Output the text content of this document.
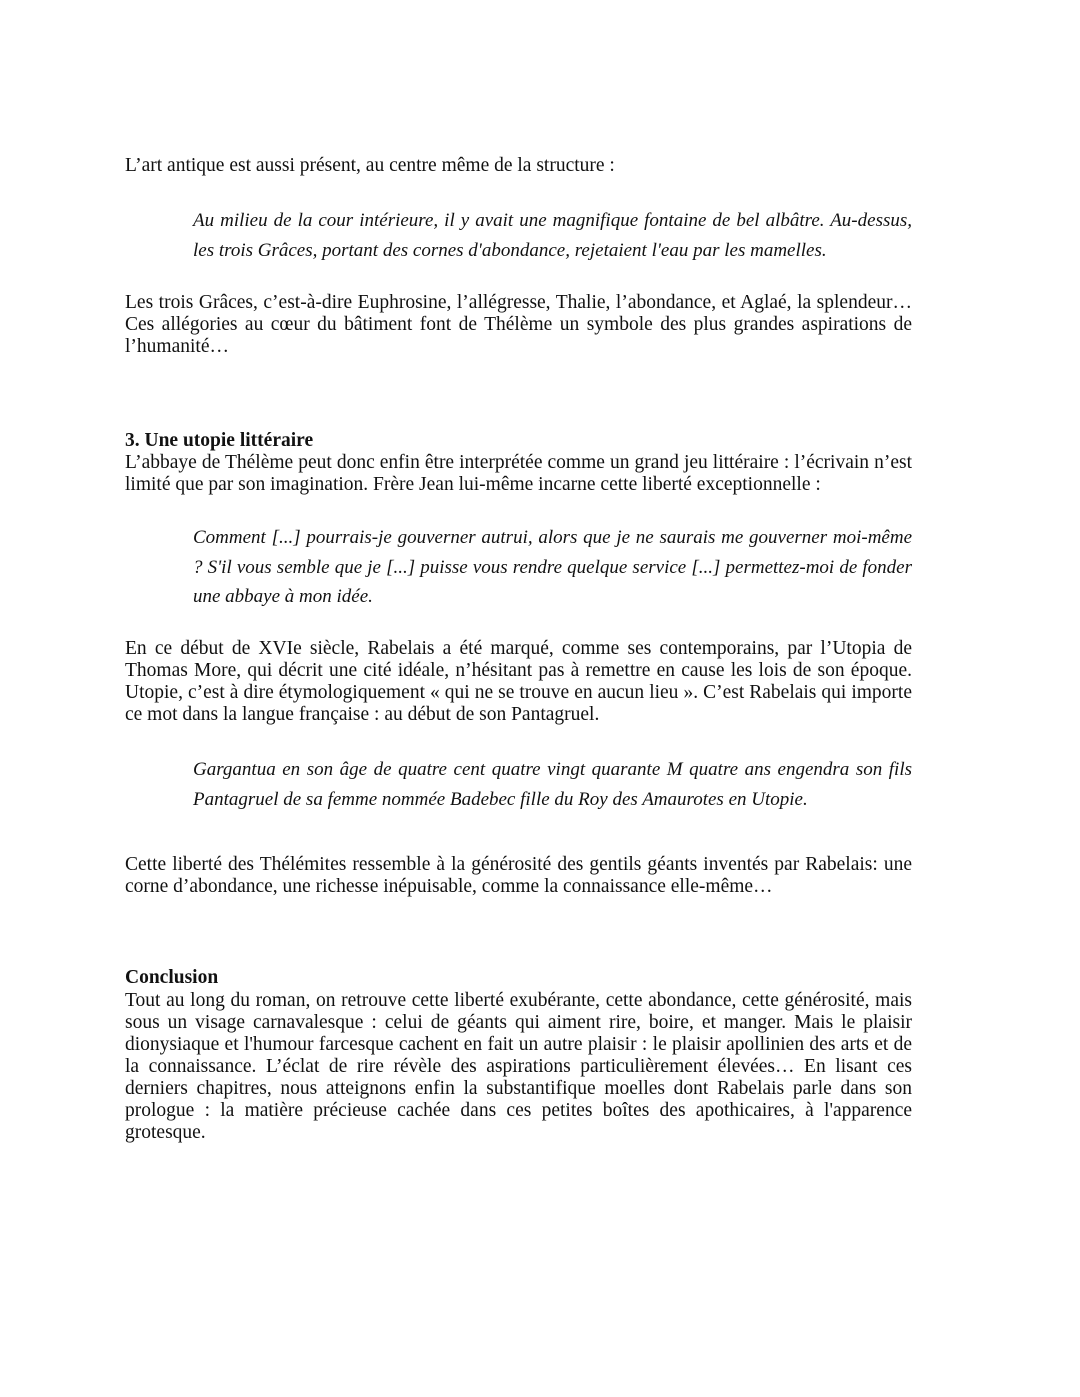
L’art antique est aussi présent, au centre même de la structure :

Au milieu de la cour intérieure, il y avait une magnifique fontaine de bel albâtre. Au-dessus, les trois Grâces, portant des cornes d'abondance, rejetaient l'eau par les mamelles.

Les trois Grâces, c’est-à-dire Euphrosine, l’allégresse, Thalie, l’abondance, et Aglaé, la splendeur… Ces allégories au cœur du bâtiment font de Thélème un symbole des plus grandes aspirations de l’humanité…

3. Une utopie littéraire

L’abbaye de Thélème peut donc enfin être interprétée comme un grand jeu littéraire : l’écrivain n’est limité que par son imagination. Frère Jean lui-même incarne cette liberté exceptionnelle :

Comment [...] pourrais-je gouverner autrui, alors que je ne saurais me gouverner moi-même ? S'il vous semble que je [...] puisse vous rendre quelque service [...] permettez-moi de fonder une abbaye à mon idée.

En ce début de XVIe siècle, Rabelais a été marqué, comme ses contemporains, par l’Utopia de Thomas More, qui décrit une cité idéale, n’hésitant pas à remettre en cause les lois de son époque. Utopie, c’est à dire étymologiquement « qui ne se trouve en aucun lieu ». C’est Rabelais qui importe ce mot dans la langue française : au début de son Pantagruel.

Gargantua en son âge de quatre cent quatre vingt quarante M quatre ans engendra son fils Pantagruel de sa femme nommée Badebec fille du Roy des Amaurotes en Utopie.

Cette liberté des Thélémites ressemble à la générosité des gentils géants inventés par Rabelais: une corne d’abondance, une richesse inépuisable, comme la connaissance elle-même…

Conclusion

Tout au long du roman, on retrouve cette liberté exubérante, cette abondance, cette générosité, mais sous un visage carnavalesque : celui de géants qui aiment rire, boire, et manger. Mais le plaisir dionysiaque et l'humour farcesque cachent en fait un autre plaisir : le plaisir apollinien des arts et de la connaissance. L’éclat de rire révèle des aspirations particulièrement élevées… En lisant ces derniers chapitres, nous atteignons enfin la substantifique moelles dont Rabelais parle dans son prologue : la matière précieuse cachée dans ces petites boîtes des apothicaires, à l'apparence grotesque.
